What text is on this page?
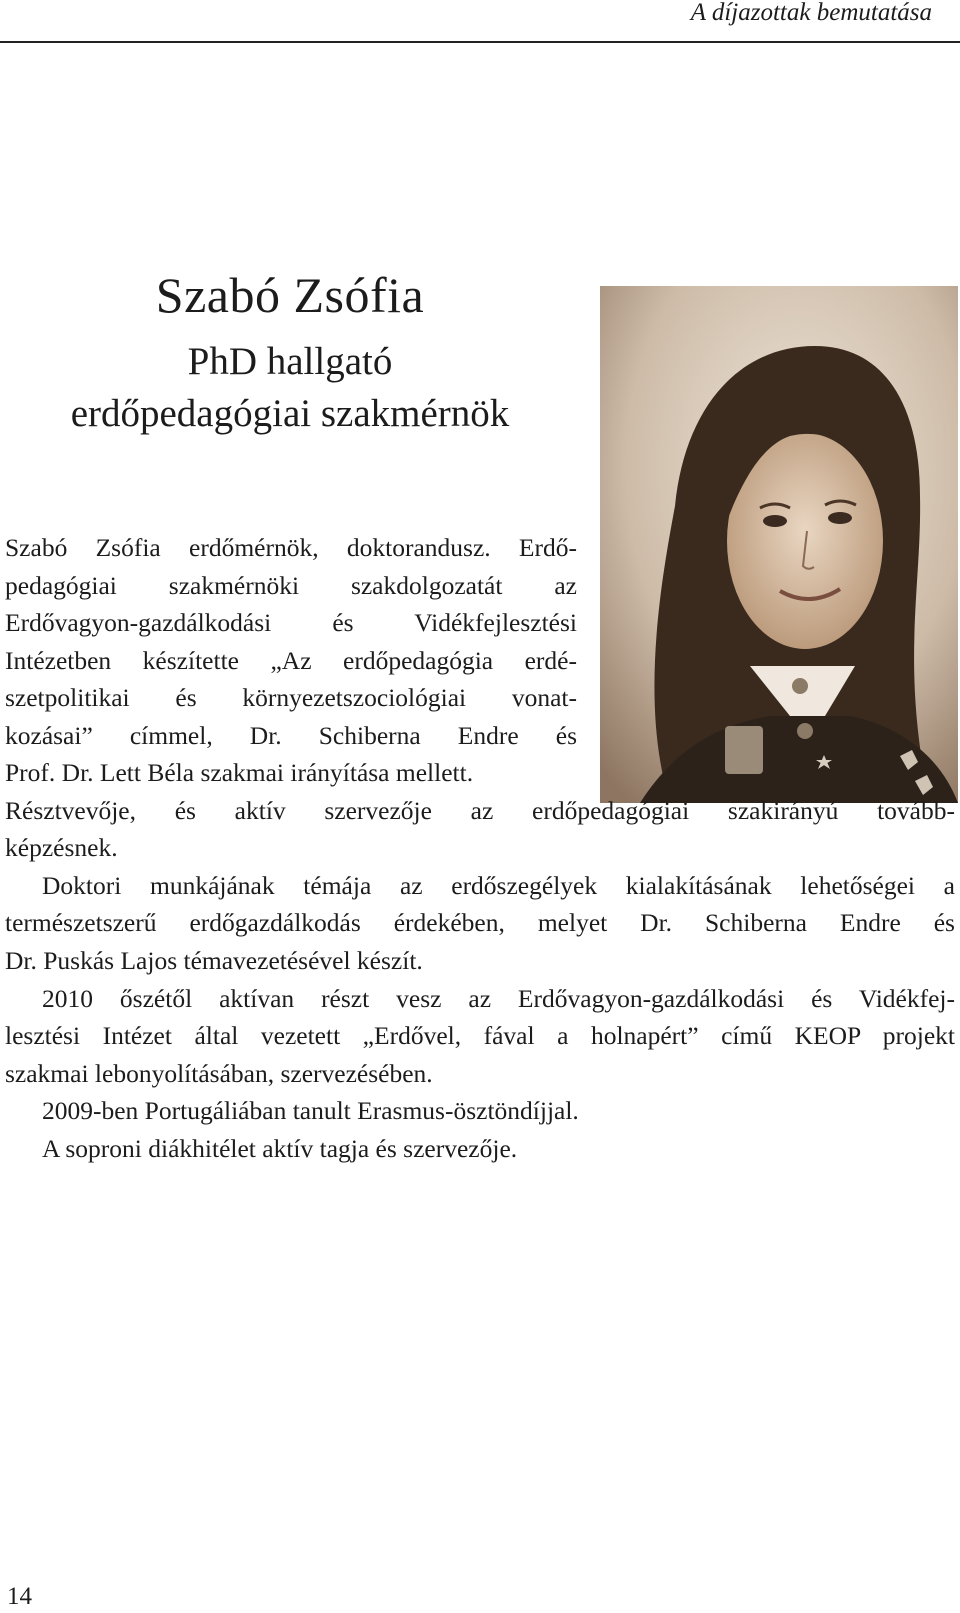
A díjazottak bemutatása
Szabó Zsófia
PhD hallgató
erdőpedagógiai szakmérnök
Szabó Zsófia erdőmérnök, doktorandusz. Erdő-
pedagógiai szakmérnöki szakdolgozatát az
Erdővagyon-gazdálkodási és Vidékfejlesztési
Intézetben készítette „Az erdőpedagógia erdé-
szetpolitikai és környezetszociológiai vonat-
kozásai” címmel, Dr. Schiberna Endre és
Prof. Dr. Lett Béla szakmai irányítása mellett.
Résztvevője, és aktív szervezője az erdőpedagógiai szakirányú tovább-
képzésnek.
Doktori munkájának témája az erdőszegélyek kialakításának lehetőségei a
természetszerű erdőgazdálkodás érdekében, melyet Dr. Schiberna Endre és
Dr. Puskás Lajos témavezetésével készít.
2010 őszétől aktívan részt vesz az Erdővagyon-gazdálkodási és Vidékfej-
lesztési Intézet által vezetett „Erdővel, fával a holnapért” című KEOP projekt
szakmai lebonyolításában, szervezésében.
2009-ben Portugáliában tanult Erasmus-ösztöndíjjal.
A soproni diákhitélet aktív tagja és szervezője.
14
